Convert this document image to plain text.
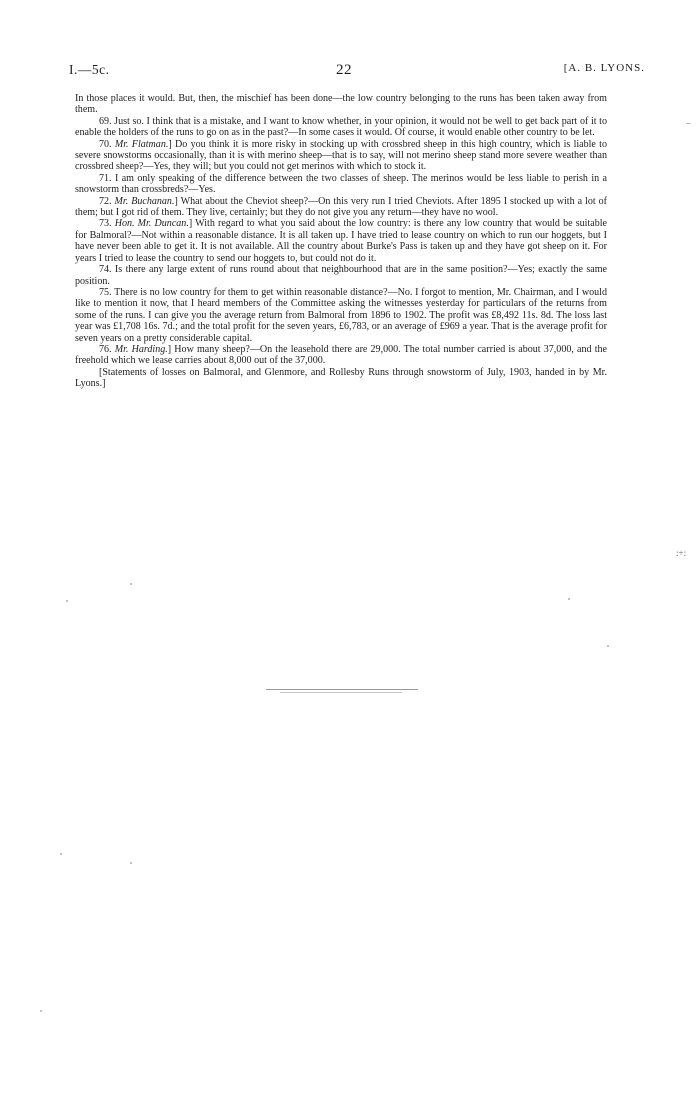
I.—5c.	22	[A. B. LYONS.

In those places it would. But, then, the mischief has been done—the low country belonging to the runs has been taken away from them.

69. Just so. I think that is a mistake, and I want to know whether, in your opinion, it would not be well to get back part of it to enable the holders of the runs to go on as in the past?—In some cases it would. Of course, it would enable other country to be let.

70. Mr. Flatman.] Do you think it is more risky in stocking up with crossbred sheep in this high country, which is liable to severe snowstorms occasionally, than it is with merino sheep—that is to say, will not merino sheep stand more severe weather than crossbred sheep?—Yes, they will; but you could not get merinos with which to stock it.

71. I am only speaking of the difference between the two classes of sheep. The merinos would be less liable to perish in a snowstorm than crossbreds?—Yes.

72. Mr. Buchanan.] What about the Cheviot sheep?—On this very run I tried Cheviots. After 1895 I stocked up with a lot of them; but I got rid of them. They live, certainly; but they do not give you any return—they have no wool.

73. Hon. Mr. Duncan.] With regard to what you said about the low country: is there any low country that would be suitable for Balmoral?—Not within a reasonable distance. It is all taken up. I have tried to lease country on which to run our hoggets, but I have never been able to get it. It is not available. All the country about Burke's Pass is taken up and they have got sheep on it. For years I tried to lease the country to send our hoggets to, but could not do it.

74. Is there any large extent of runs round about that neighbourhood that are in the same position?—Yes; exactly the same position.

75. There is no low country for them to get within reasonable distance?—No. I forgot to mention, Mr. Chairman, and I would like to mention it now, that I heard members of the Committee asking the witnesses yesterday for particulars of the returns from some of the runs. I can give you the average return from Balmoral from 1896 to 1902. The profit was £8,492 11s. 8d. The loss last year was £1,708 16s. 7d.; and the total profit for the seven years, £6,783, or an average of £969 a year. That is the average profit for seven years on a pretty considerable capital.

76. Mr. Harding.] How many sheep?—On the leasehold there are 29,000. The total number carried is about 37,000, and the freehold which we lease carries about 8,000 out of the 37,000.

[Statements of losses on Balmoral, and Glenmore, and Rollesby Runs through snowstorm of July, 1903, handed in by Mr. Lyons.]

–
:+:
